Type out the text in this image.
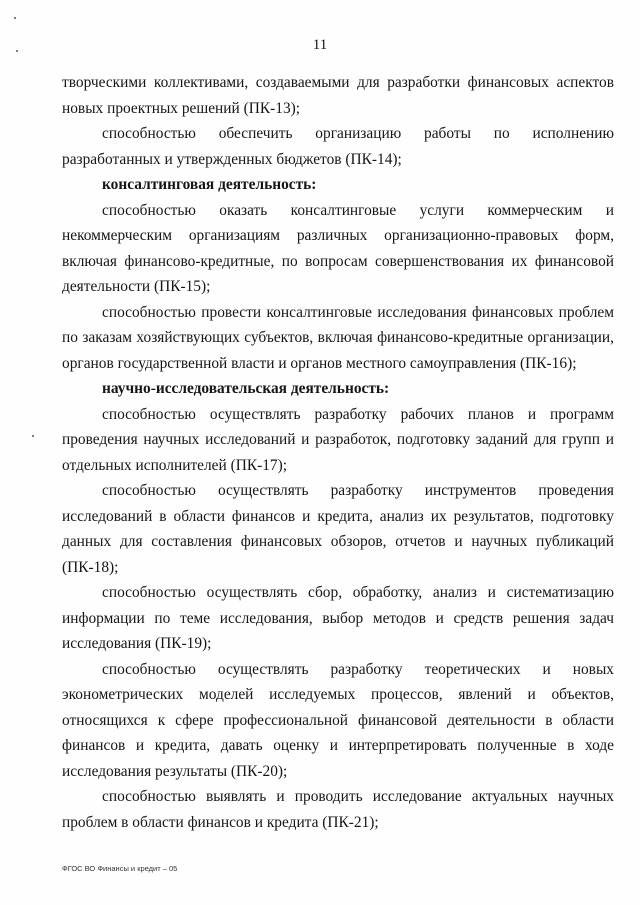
11

творческими коллективами, создаваемыми для разработки финансовых аспектов новых проектных решений (ПК-13);

способностью обеспечить организацию работы по исполнению разработанных и утвержденных бюджетов (ПК-14);

консалтинговая деятельность:

способностью оказать консалтинговые услуги коммерческим и некоммерческим организациям различных организационно-правовых форм, включая финансово-кредитные, по вопросам совершенствования их финансовой деятельности (ПК-15);

способностью провести консалтинговые исследования финансовых проблем по заказам хозяйствующих субъектов, включая финансово-кредитные организации, органов государственной власти и органов местного самоуправления (ПК-16);

научно-исследовательская деятельность:

способностью осуществлять разработку рабочих планов и программ проведения научных исследований и разработок, подготовку заданий для групп и отдельных исполнителей (ПК-17);

способностью осуществлять разработку инструментов проведения исследований в области финансов и кредита, анализ их результатов, подготовку данных для составления финансовых обзоров, отчетов и научных публикаций (ПК-18);

способностью осуществлять сбор, обработку, анализ и систематизацию информации по теме исследования, выбор методов и средств решения задач исследования (ПК-19);

способностью осуществлять разработку теоретических и новых эконометрических моделей исследуемых процессов, явлений и объектов, относящихся к сфере профессиональной финансовой деятельности в области финансов и кредита, давать оценку и интерпретировать полученные в ходе исследования результаты (ПК-20);

способностью выявлять и проводить исследование актуальных научных проблем в области финансов и кредита (ПК-21);

ФГОС ВО Финансы и кредит – 05
